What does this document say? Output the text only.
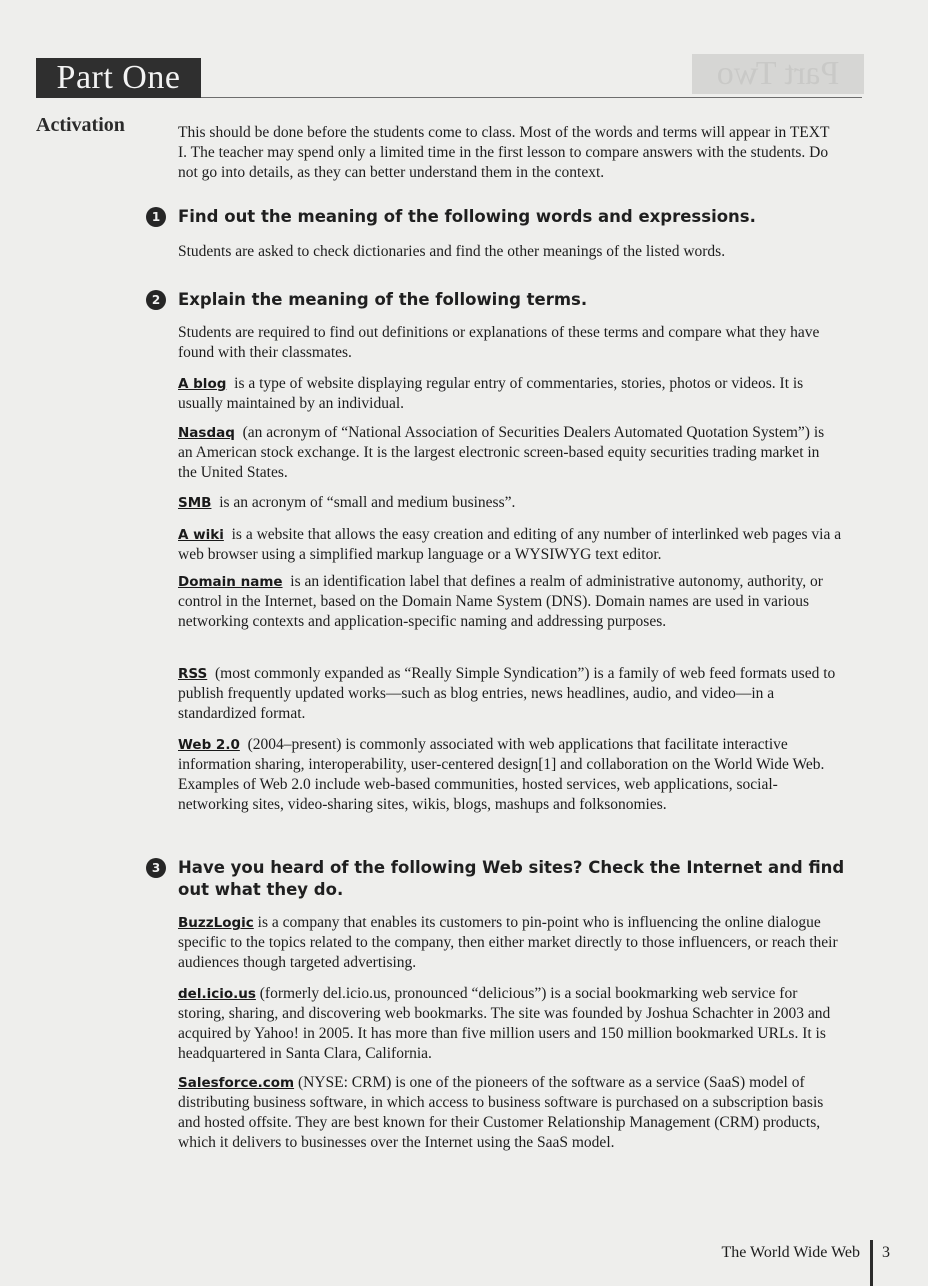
Part One	Part Two
Activation	This should be done before the students come to class. Most of the words and terms will appear in TEXT I. The teacher may spend only a limited time in the first lesson to compare answers with the students. Do not go into details, as they can better understand them in the context.

1	Find out the meaning of the following words and expressions.

Students are asked to check dictionaries and find the other meanings of the listed words.

2	Explain the meaning of the following terms.

Students are required to find out definitions or explanations of these terms and compare what they have found with their classmates.

A blog is a type of website displaying regular entry of commentaries, stories, photos or videos. It is usually maintained by an individual.

Nasdaq (an acronym of “National Association of Securities Dealers Automated Quotation System”) is an American stock exchange. It is the largest electronic screen-based equity securities trading market in the United States.

SMB is an acronym of “small and medium business”.

A wiki is a website that allows the easy creation and editing of any number of interlinked web pages via a web browser using a simplified markup language or a WYSIWYG text editor.

Domain name is an identification label that defines a realm of administrative autonomy, authority, or control in the Internet, based on the Domain Name System (DNS). Domain names are used in various networking contexts and application-specific naming and addressing purposes.

RSS (most commonly expanded as “Really Simple Syndication”) is a family of web feed formats used to publish frequently updated works—such as blog entries, news headlines, audio, and video—in a standardized format.

Web 2.0 (2004–present) is commonly associated with web applications that facilitate interactive information sharing, interoperability, user-centered design[1] and collaboration on the World Wide Web. Examples of Web 2.0 include web-based communities, hosted services, web applications, social-networking sites, video-sharing sites, wikis, blogs, mashups and folksonomies.

3	Have you heard of the following Web sites? Check the Internet and find out what they do.

BuzzLogic is a company that enables its customers to pin-point who is influencing the online dialogue specific to the topics related to the company, then either market directly to those influencers, or reach their audiences though targeted advertising.

del.icio.us (formerly del.icio.us, pronounced “delicious”) is a social bookmarking web service for storing, sharing, and discovering web bookmarks. The site was founded by Joshua Schachter in 2003 and acquired by Yahoo! in 2005. It has more than five million users and 150 million bookmarked URLs. It is headquartered in Santa Clara, California.

Salesforce.com (NYSE: CRM) is one of the pioneers of the software as a service (SaaS) model of distributing business software, in which access to business software is purchased on a subscription basis and hosted offsite. They are best known for their Customer Relationship Management (CRM) products, which it delivers to businesses over the Internet using the SaaS model.

The World Wide Web 3
